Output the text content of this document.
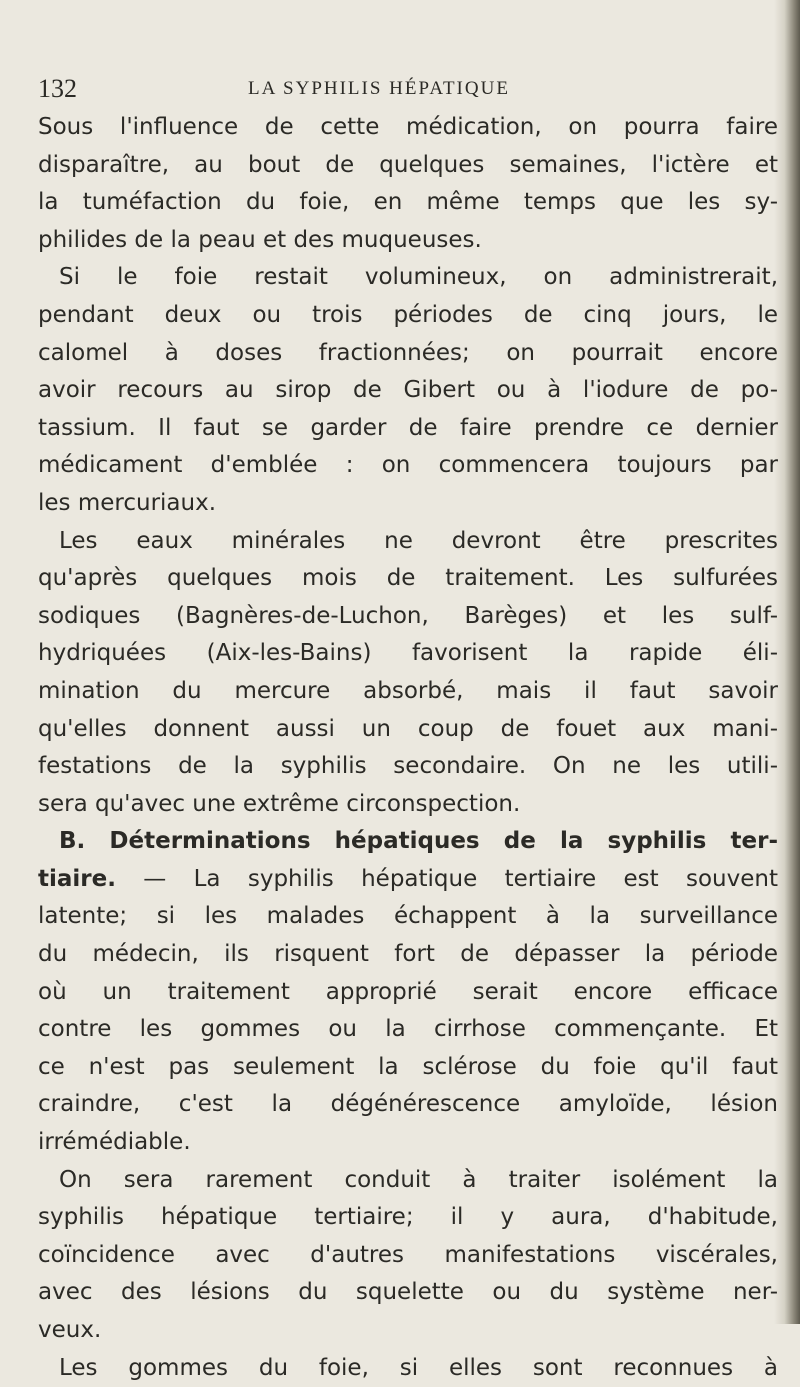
132	LA SYPHILIS HÉPATIQUE
Sous l'influence de cette médication, on pourra faire
disparaître, au bout de quelques semaines, l'ictère et
la tuméfaction du foie, en même temps que les sy-
philides de la peau et des muqueuses.
Si le foie restait volumineux, on administrerait,
pendant deux ou trois périodes de cinq jours, le
calomel à doses fractionnées; on pourrait encore
avoir recours au sirop de Gibert ou à l'iodure de po-
tassium. Il faut se garder de faire prendre ce dernier
médicament d'emblée : on commencera toujours par
les mercuriaux.
Les eaux minérales ne devront être prescrites
qu'après quelques mois de traitement. Les sulfurées
sodiques (Bagnères-de-Luchon, Barèges) et les sulf-
hydriquées (Aix-les-Bains) favorisent la rapide éli-
mination du mercure absorbé, mais il faut savoir
qu'elles donnent aussi un coup de fouet aux mani-
festations de la syphilis secondaire. On ne les utili-
sera qu'avec une extrême circonspection.
B. Déterminations hépatiques de la syphilis ter-
tiaire. — La syphilis hépatique tertiaire est souvent
latente; si les malades échappent à la surveillance
du médecin, ils risquent fort de dépasser la période
où un traitement approprié serait encore efficace
contre les gommes ou la cirrhose commençante. Et
ce n'est pas seulement la sclérose du foie qu'il faut
craindre, c'est la dégénérescence amyloïde, lésion
irrémédiable.
On sera rarement conduit à traiter isolément la
syphilis hépatique tertiaire; il y aura, d'habitude,
coïncidence avec d'autres manifestations viscérales,
avec des lésions du squelette ou du système ner-
veux.
Les gommes du foie, si elles sont reconnues à
